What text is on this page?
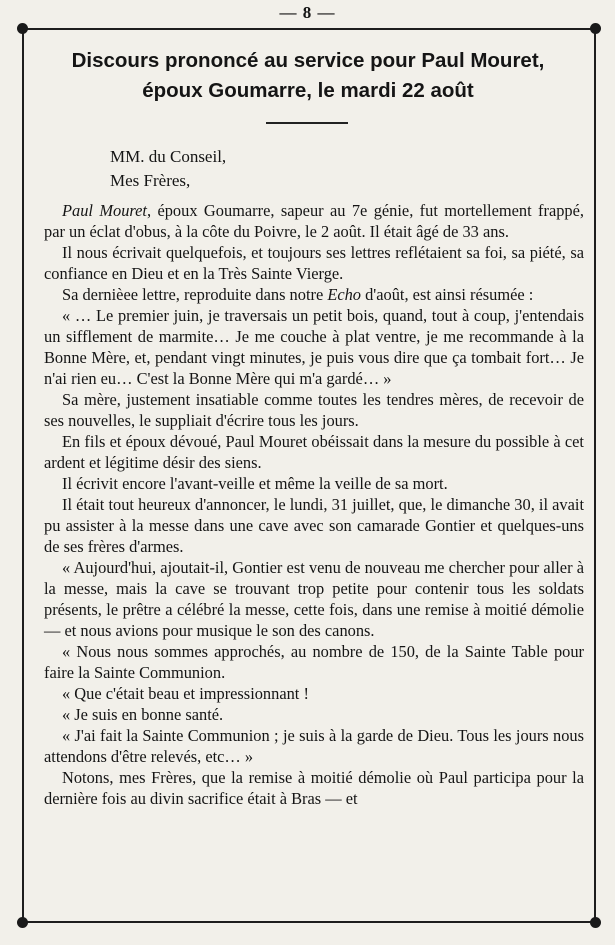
— 8 —
Discours prononcé au service pour Paul Mouret,
époux Goumarre, le mardi 22 août
MM. du Conseil,
Mes Frères,

Paul Mouret, époux Goumarre, sapeur au 7e génie, fut mortellement frappé, par un éclat d'obus, à la côte du Poivre, le 2 août. Il était âgé de 33 ans.

Il nous écrivait quelquefois, et toujours ses lettres reflétaient sa foi, sa piété, sa confiance en Dieu et en la Très Sainte Vierge.

Sa dernièee lettre, reproduite dans notre Echo d'août, est ainsi résumée :

« … Le premier juin, je traversais un petit bois, quand, tout à coup, j'entendais un sifflement de marmite… Je me couche à plat ventre, je me recommande à la Bonne Mère, et, pendant vingt minutes, je puis vous dire que ça tombait fort… Je n'ai rien eu… C'est la Bonne Mère qui m'a gardé… »

Sa mère, justement insatiable comme toutes les tendres mères, de recevoir de ses nouvelles, le suppliait d'écrire tous les jours.

En fils et époux dévoué, Paul Mouret obéissait dans la mesure du possible à cet ardent et légitime désir des siens.

Il écrivit encore l'avant-veille et même la veille de sa mort.

Il était tout heureux d'annoncer, le lundi, 31 juillet, que, le dimanche 30, il avait pu assister à la messe dans une cave avec son camarade Gontier et quelques-uns de ses frères d'armes.

« Aujourd'hui, ajoutait-il, Gontier est venu de nouveau me chercher pour aller à la messe, mais la cave se trouvant trop petite pour contenir tous les soldats présents, le prêtre a célébré la messe, cette fois, dans une remise à moitié démolie — et nous avions pour musique le son des canons.

« Nous nous sommes approchés, au nombre de 150, de la Sainte Table pour faire la Sainte Communion.

« Que c'était beau et impressionnant !

« Je suis en bonne santé.

« J'ai fait la Sainte Communion ; je suis à la garde de Dieu. Tous les jours nous attendons d'être relevés, etc… »

Notons, mes Frères, que la remise à moitié démolie où Paul participa pour la dernière fois au divin sacrifice était à Bras — et
